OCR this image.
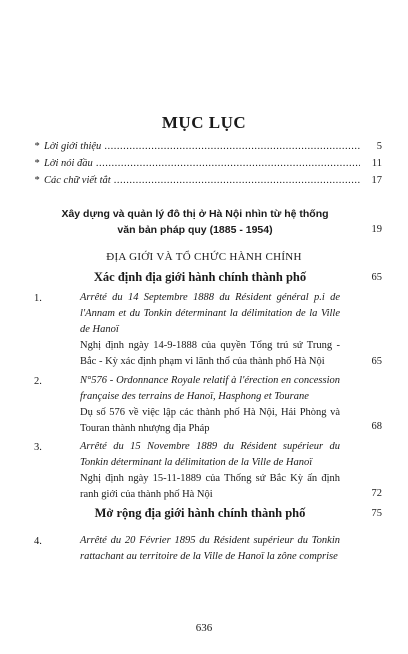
MỤC LỤC
* Lời giới thiệu .....	5
* Lời nói đầu .....	11
* Các chữ viết tắt .....	17
Xây dựng và quản lý đô thị ở Hà Nội nhìn từ hệ thống
văn bản pháp quy (1885 - 1954)	19
ĐỊA GIỚI VÀ TỔ CHỨC HÀNH CHÍNH
Xác định địa giới hành chính thành phố	65
1.	Arrêté du 14 Septembre 1888 du Résident général p.i de l'Annam et du Tonkin déterminant la délimitation de la Ville de Hanoï
Nghị định ngày 14-9-1888 của quyền Tổng trú sứ Trung - Bắc - Kỳ xác định phạm vi lãnh thổ của thành phố Hà Nội	65
2.	N°576 - Ordonnance Royale relatif à l'érection en concession française des terrains de Hanoï, Hasphong et Tourane
Dụ số 576 về việc lập các thành phố Hà Nội, Hải Phòng và Touran thành nhượng địa Pháp	68
3.	Arrêté du 15 Novembre 1889 du Résident supérieur du Tonkin déterminant la délimitation de la Ville de Hanoï
Nghị định ngày 15-11-1889 của Thống sứ Bắc Kỳ ấn định ranh giới của thành phố Hà Nội	72
Mở rộng địa giới hành chính thành phố	75
4.	Arrêté du 20 Février 1895 du Résident supérieur du Tonkin rattachant au territoire de la Ville de Hanoï la zône comprise
636
